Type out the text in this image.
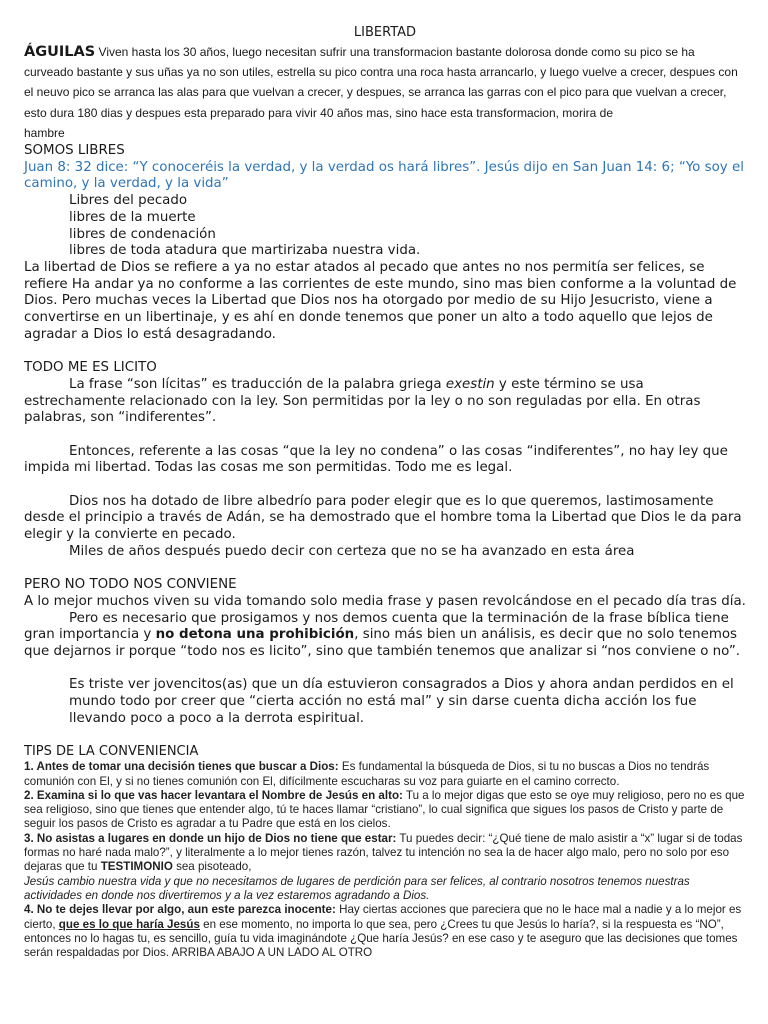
LIBERTAD

ÁGUILAS Viven hasta los 30 años, luego necesitan sufrir una transformacion bastante dolorosa donde como su pico se ha curveado bastante y sus uñas ya no son utiles, estrella su pico contra una roca hasta arrancarlo, y luego vuelve a crecer, despues con el neuvo pico se arranca las alas para que vuelvan a crecer, y despues, se arranca las garras con el pico para que vuelvan a crecer, esto dura 180 dias y despues esta preparado para vivir 40 años mas, sino hace esta transformacion, morira de

hambre

SOMOS LIBRES

Juan 8: 32 dice: “Y conoceréis la verdad, y la verdad os hará libres”. Jesús dijo en San Juan 14: 6; “Yo soy el camino, y la verdad, y la vida”

Libres del pecado

libres de la muerte

libres de condenación

libres de toda atadura que martirizaba nuestra vida.

La libertad de Dios se refiere a ya no estar atados al pecado que antes no nos permitía ser felices, se refiere Ha andar ya no conforme a las corrientes de este mundo, sino mas bien conforme a la voluntad de Dios. Pero muchas veces la Libertad que Dios nos ha otorgado por medio de su Hijo Jesucristo, viene a convertirse en un libertinaje, y es ahí en donde tenemos que poner un alto a todo aquello que lejos de agradar a Dios lo está desagradando.

TODO ME ES LICITO

La frase “son lícitas” es traducción de la palabra griega exestin y este término se usa estrechamente relacionado con la ley. Son permitidas por la ley o no son reguladas por ella. En otras palabras, son “indiferentes”.

Entonces, referente a las cosas “que la ley no condena” o las cosas “indiferentes”, no hay ley que impida mi libertad. Todas las cosas me son permitidas. Todo me es legal.

Dios nos ha dotado de libre albedrío para poder elegir que es lo que queremos, lastimosamente desde el principio a través de Adán, se ha demostrado que el hombre toma la Libertad que Dios le da para elegir y la convierte en pecado.

Miles de años después puedo decir con certeza que no se ha avanzado en esta área

PERO NO TODO NOS CONVIENE

A lo mejor muchos viven su vida tomando solo media frase y pasen revolcándose en el pecado día tras día.

Pero es necesario que prosigamos y nos demos cuenta que la terminación de la frase bíblica tiene gran importancia y no detona una prohibición, sino más bien un análisis, es decir que no solo tenemos que dejarnos ir porque “todo nos es licito”, sino que también tenemos que analizar si “nos conviene o no”.

Es triste ver jovencitos(as) que un día estuvieron consagrados a Dios y ahora andan perdidos en el mundo todo por creer que “cierta acción no está mal” y sin darse cuenta dicha acción los fue llevando poco a poco a la derrota espiritual.

TIPS DE LA CONVENIENCIA

1. Antes de tomar una decisión tienes que buscar a Dios: Es fundamental la búsqueda de Dios, si tu no buscas a Dios no tendrás comunión con El, y si no tienes comunión con El, difícilmente escucharas su voz para guiarte en el camino correcto.

2. Examina si lo que vas hacer levantara el Nombre de Jesús en alto: Tu a lo mejor digas que esto se oye muy religioso, pero no es que sea religioso, sino que tienes que entender algo, tú te haces llamar “cristiano”, lo cual significa que sigues los pasos de Cristo y parte de seguir los pasos de Cristo es agradar a tu Padre que está en los cielos.

3. No asistas a lugares en donde un hijo de Dios no tiene que estar: Tu puedes decir: “¿Qué tiene de malo asistir a “x” lugar si de todas formas no haré nada malo?”, y literalmente a lo mejor tienes razón, talvez tu intención no sea la de hacer algo malo, pero no solo por eso dejaras que tu TESTIMONIO sea pisoteado,

Jesús cambio nuestra vida y que no necesitamos de lugares de perdición para ser felices, al contrario nosotros tenemos nuestras actividades en donde nos divertiremos y a la vez estaremos agradando a Dios.

4. No te dejes llevar por algo, aun este parezca inocente: Hay ciertas acciones que pareciera que no le hace mal a nadie y a lo mejor es cierto, que es lo que haría Jesús en ese momento, no importa lo que sea, pero ¿Crees tu que Jesús lo haría?, si la respuesta es “NO”, entonces no lo hagas tu, es sencillo, guía tu vida imaginándote ¿Que haría Jesús? en ese caso y te aseguro que las decisiones que tomes serán respaldadas por Dios. ARRIBA ABAJO A UN LADO AL OTRO
